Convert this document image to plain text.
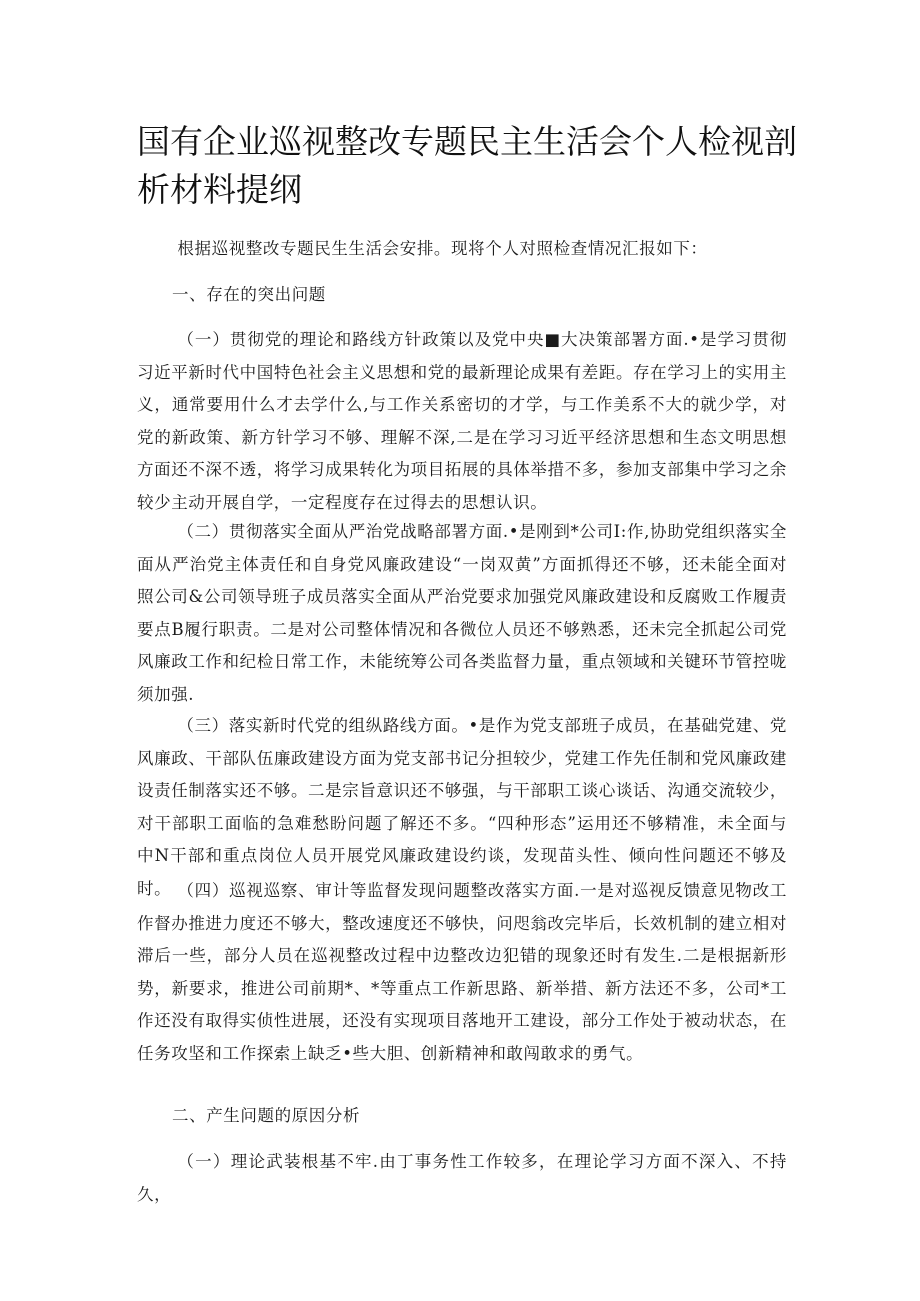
国有企业巡视整改专题民主生活会个人检视剖析材料提纲

根据巡视整改专题民生生活会安排。现将个人对照检查情况汇报如下：

一、存在的突出问题

（一）贯彻党的理论和路线方针政策以及党中央■大决策部署方面.•是学习贯彻习近平新时代中国特色社会主义思想和党的最新理论成果有差距。存在学习上的实用主义，通常要用什么才去学什么,与工作关系密切的才学，与工作美系不大的就少学，对党的新政策、新方针学习不够、理解不深,二是在学习习近平经济思想和生态文明思想方面还不深不透，将学习成果转化为项目拓展的具体举措不多，参加支部集中学习之余较少主动开展自学，一定程度存在过得去的思想认识。

（二）贯彻落实全面从严治党战略部署方面.•是刚到*公司I:作,协助党组织落实全面从严治党主体责任和自身党风廉政建设“一岗双黄”方面抓得还不够，还未能全面对照公司&公司领导班子成员落实全面从严治党要求加强党风廉政建设和反腐败工作履责要点B履行职责。二是对公司整体情况和各微位人员还不够熟悉，还未完全抓起公司党风廉政工作和纪检日常工作，未能统筹公司各类监督力量，重点领域和关键环节管控咙须加强.

（三）落实新时代党的组纵路线方面。•是作为党支部班子成员，在基础党建、党风廉政、干部队伍廉政建设方面为党支部书记分担较少，党建工作先任制和党风廉政建设责任制落实还不够。二是宗旨意识还不够强，与干部职工谈心谈话、沟通交流较少，对干部职工面临的急难愁盼问题了解还不多。“四种形态”运用还不够精准，未全面与中N干部和重点岗位人员开展党风廉政建设约谈，发现苗头性、倾向性问题还不够及时。 （四）巡视巡察、审计等监督发现问题整改落实方面.一是对巡视反馈意见物改工作督办推进力度还不够大，整改速度还不够快，问咫翁改完毕后，长效机制的建立相对滞后一些，部分人员在巡视整改过程中边整改边犯错的现象还时有发生.二是根据新形势，新要求，推进公司前期*、*等重点工作新思路、新举措、新方法还不多，公司*工作还没有取得实侦性进展，还没有实现项目落地开工建设，部分工作处于被动状态，在任务攻坚和工作探索上缺乏•些大胆、创新精神和敢闯敢求的勇气。

二、产生问题的原因分析

（一）理论武装根基不牢.由丁事务性工作较多，在理论学习方面不深入、不持久，
